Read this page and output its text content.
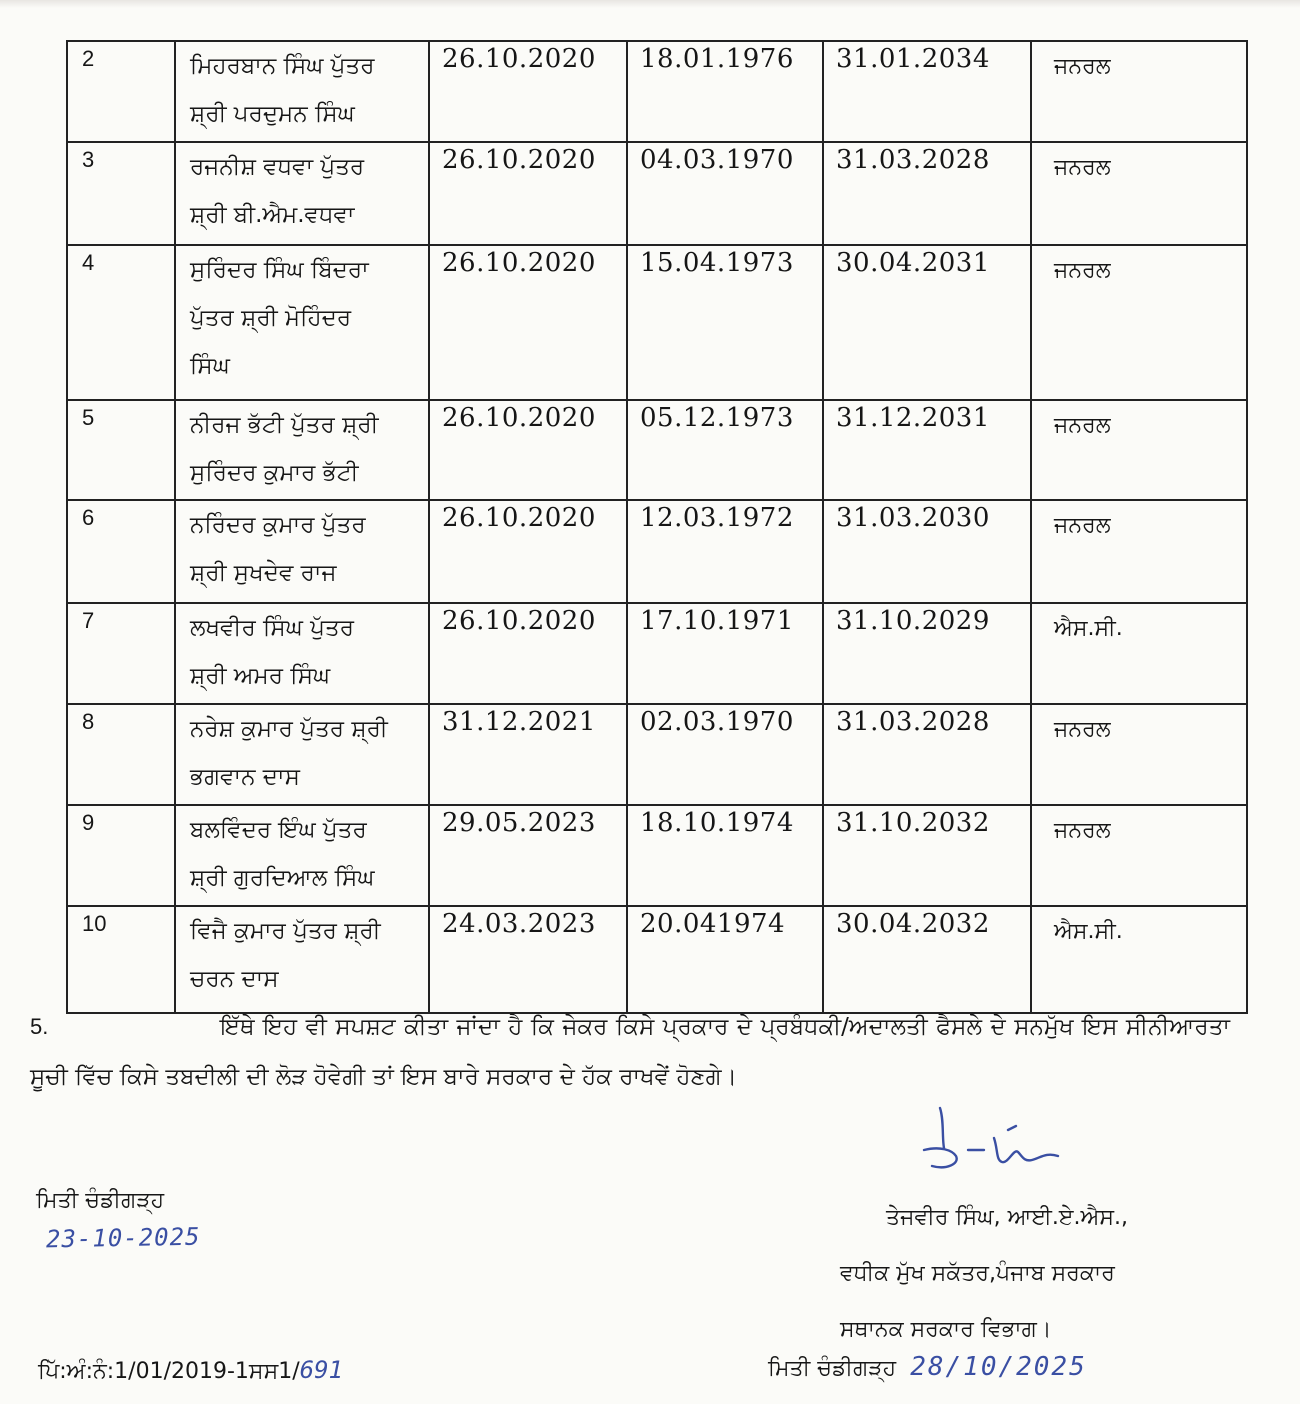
2	ਮਿਹਰਬਾਨ ਸਿੰਘ ਪੁੱਤਰ
ਸ਼੍ਰੀ ਪਰਦੁਮਨ ਸਿੰਘ	26.10.2020	18.01.1976	31.01.2034	ਜਨਰਲ

3	ਰਜਨੀਸ਼ ਵਧਵਾ ਪੁੱਤਰ
ਸ਼੍ਰੀ ਬੀ.ਐਮ.ਵਧਵਾ	26.10.2020	04.03.1970	31.03.2028	ਜਨਰਲ

4	ਸੁਰਿੰਦਰ ਸਿੰਘ ਬਿੰਦਰਾ
ਪੁੱਤਰ ਸ਼੍ਰੀ ਮੋਹਿੰਦਰ
ਸਿੰਘ	26.10.2020	15.04.1973	30.04.2031	ਜਨਰਲ

5	ਨੀਰਜ ਭੱਟੀ ਪੁੱਤਰ ਸ਼੍ਰੀ
ਸੁਰਿੰਦਰ ਕੁਮਾਰ ਭੱਟੀ	26.10.2020	05.12.1973	31.12.2031	ਜਨਰਲ

6	ਨਰਿੰਦਰ ਕੁਮਾਰ ਪੁੱਤਰ
ਸ਼੍ਰੀ ਸੁਖਦੇਵ ਰਾਜ	26.10.2020	12.03.1972	31.03.2030	ਜਨਰਲ

7	ਲਖਵੀਰ ਸਿੰਘ ਪੁੱਤਰ
ਸ਼੍ਰੀ ਅਮਰ ਸਿੰਘ	26.10.2020	17.10.1971	31.10.2029	ਐਸ.ਸੀ.

8	ਨਰੇਸ਼ ਕੁਮਾਰ ਪੁੱਤਰ ਸ਼੍ਰੀ
ਭਗਵਾਨ ਦਾਸ	31.12.2021	02.03.1970	31.03.2028	ਜਨਰਲ

9	ਬਲਵਿੰਦਰ ਇੰਘ ਪੁੱਤਰ
ਸ਼੍ਰੀ ਗੁਰਦਿਆਲ ਸਿੰਘ	29.05.2023	18.10.1974	31.10.2032	ਜਨਰਲ

10	ਵਿਜੈ ਕੁਮਾਰ ਪੁੱਤਰ ਸ਼੍ਰੀ
ਚਰਨ ਦਾਸ	24.03.2023	20.041974	30.04.2032	ਐਸ.ਸੀ.
5.	ਇੱਥੇ ਇਹ ਵੀ ਸਪਸ਼ਟ ਕੀਤਾ ਜਾਂਦਾ ਹੈ ਕਿ ਜੇਕਰ ਕਿਸੇ ਪ੍ਰਕਾਰ ਦੇ ਪ੍ਰਬੰਧਕੀ/ਅਦਾਲਤੀ ਫੈਸਲੇ ਦੇ ਸਨਮੁੱਖ ਇਸ ਸੀਨੀਆਰਤਾ ਸੂਚੀ ਵਿੱਚ ਕਿਸੇ ਤਬਦੀਲੀ ਦੀ ਲੋੜ ਹੋਵੇਗੀ ਤਾਂ ਇਸ ਬਾਰੇ ਸਰਕਾਰ ਦੇ ਹੱਕ ਰਾਖਵੇਂ ਹੋਣਗੇ।
ਮਿਤੀ ਚੰਡੀਗੜ੍ਹ
23-10-2025
ਤੇਜਵੀਰ ਸਿੰਘ, ਆਈ.ਏ.ਐਸ.,
ਵਧੀਕ ਮੁੱਖ ਸਕੱਤਰ,ਪੰਜਾਬ ਸਰਕਾਰ
ਸਥਾਨਕ ਸਰਕਾਰ ਵਿਭਾਗ।
ਪਿੱ:ਅੰ:ਨੰ:1/01/2019-1ਸਸ1/691	ਮਿਤੀ ਚੰਡੀਗੜ੍ਹ 28/10/2025
